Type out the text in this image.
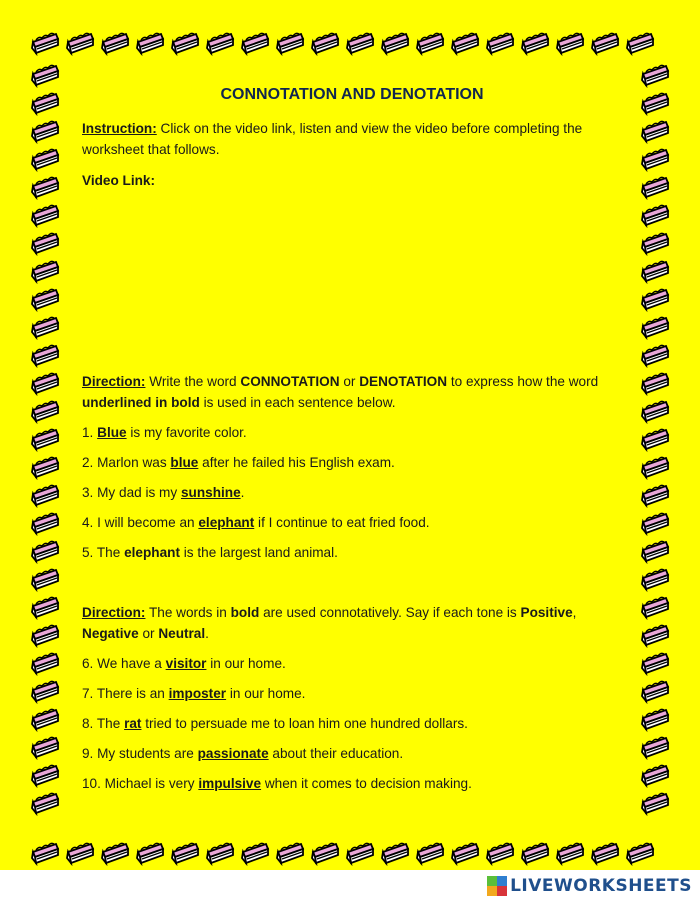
CONNOTATION AND DENOTATION

Instruction: Click on the video link, listen and view the video before completing the worksheet that follows.

Video Link:

Direction: Write the word CONNOTATION or DENOTATION to express how the word underlined in bold is used in each sentence below.

1. Blue is my favorite color.

2. Marlon was blue after he failed his English exam.

3. My dad is my sunshine.

4. I will become an elephant if I continue to eat fried food.

5. The elephant is the largest land animal.

Direction: The words in bold are used connotatively. Say if each tone is Positive, Negative or Neutral.

6. We have a visitor in our home.

7. There is an imposter in our home.

8. The rat tried to persuade me to loan him one hundred dollars.

9. My students are passionate about their education.

10. Michael is very impulsive when it comes to decision making.

LIVEWORKSHEETS
